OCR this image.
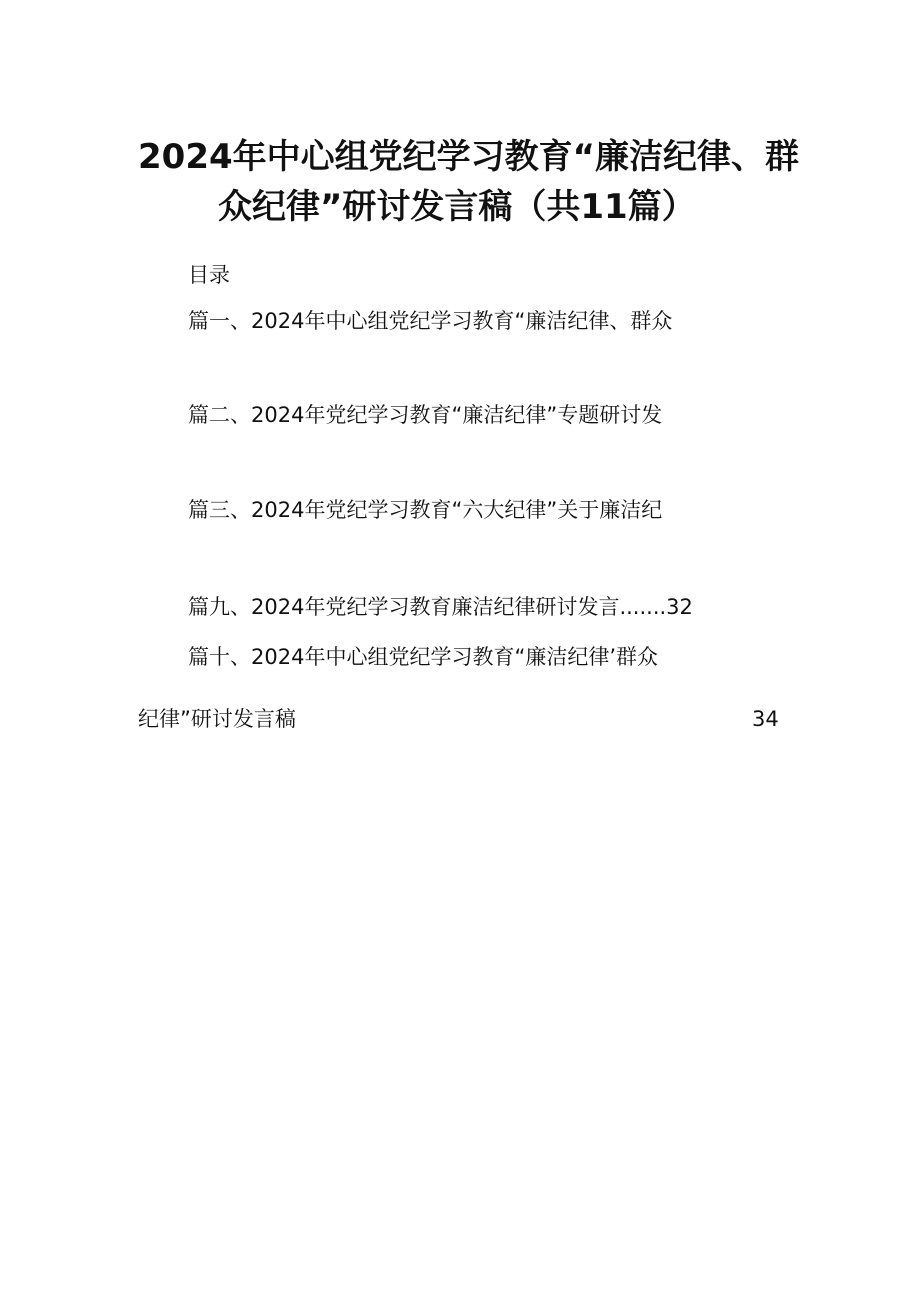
2024年中心组党纪学习教育“廉洁纪律、群
众纪律”研讨发言稿（共11篇）
目录
篇一、2024年中心组党纪学习教育“廉洁纪律、群众
篇二、2024年党纪学习教育“廉洁纪律”专题研讨发
篇三、2024年党纪学习教育“六大纪律”关于廉洁纪
篇九、2024年党纪学习教育廉洁纪律研讨发言.......32
篇十、2024年中心组党纪学习教育“廉洁纪律’群众
纪律”研讨发言稿	34
